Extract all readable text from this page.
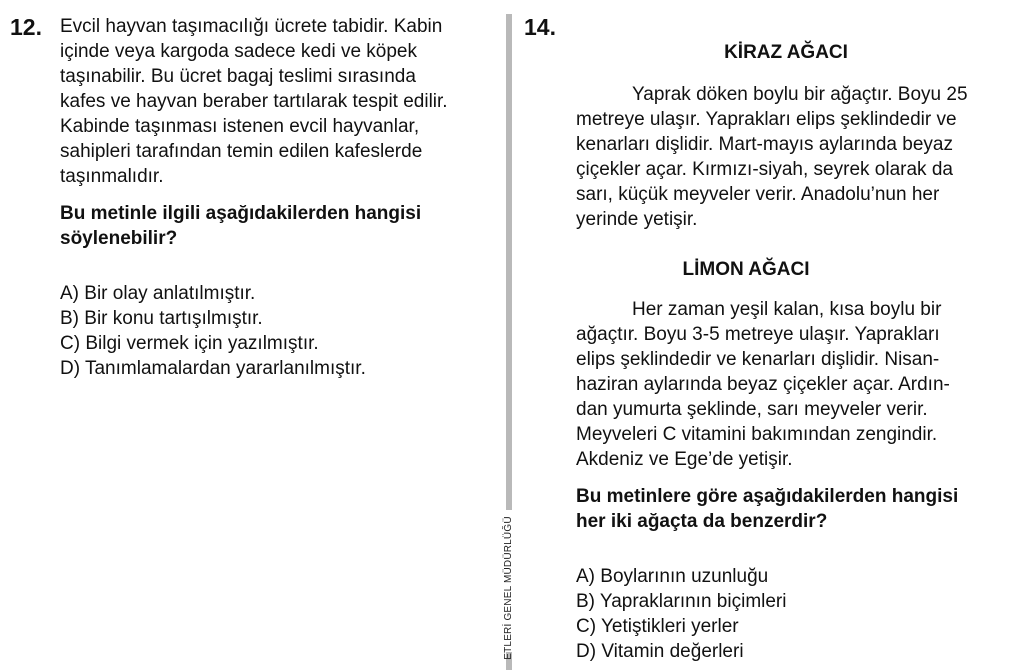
12. Evcil hayvan taşımacılığı ücrete tabidir. Kabin
içinde veya kargoda sadece kedi ve köpek
taşınabilir. Bu ücret bagaj teslimi sırasında
kafes ve hayvan beraber tartılarak tespit edilir.
Kabinde taşınması istenen evcil hayvanlar,
sahipleri tarafından temin edilen kafeslerde
taşınmalıdır.
Bu metinle ilgili aşağıdakilerden hangisi
söylenebilir?
A) Bir olay anlatılmıştır.
B) Bir konu tartışılmıştır.
C) Bilgi vermek için yazılmıştır.
D) Tanımlamalardan yararlanılmıştır.
ETLERİ GENEL MÜDÜRLÜĞÜ
14.
KİRAZ AĞACI
Yaprak döken boylu bir ağaçtır. Boyu 25
metreye ulaşır. Yaprakları elips şeklindedir ve
kenarları dişlidir. Mart-mayıs aylarında beyaz
çiçekler açar. Kırmızı-siyah, seyrek olarak da
sarı, küçük meyveler verir. Anadolu’nun her
yerinde yetişir.
LİMON AĞACI
Her zaman yeşil kalan, kısa boylu bir
ağaçtır. Boyu 3-5 metreye ulaşır. Yaprakları
elips şeklindedir ve kenarları dişlidir. Nisan-
haziran aylarında beyaz çiçekler açar. Ardın-
dan yumurta şeklinde, sarı meyveler verir.
Meyveleri C vitamini bakımından zengindir.
Akdeniz ve Ege’de yetişir.
Bu metinlere göre aşağıdakilerden hangisi
her iki ağaçta da benzerdir?
A) Boylarının uzunluğu
B) Yapraklarının biçimleri
C) Yetiştikleri yerler
D) Vitamin değerleri
